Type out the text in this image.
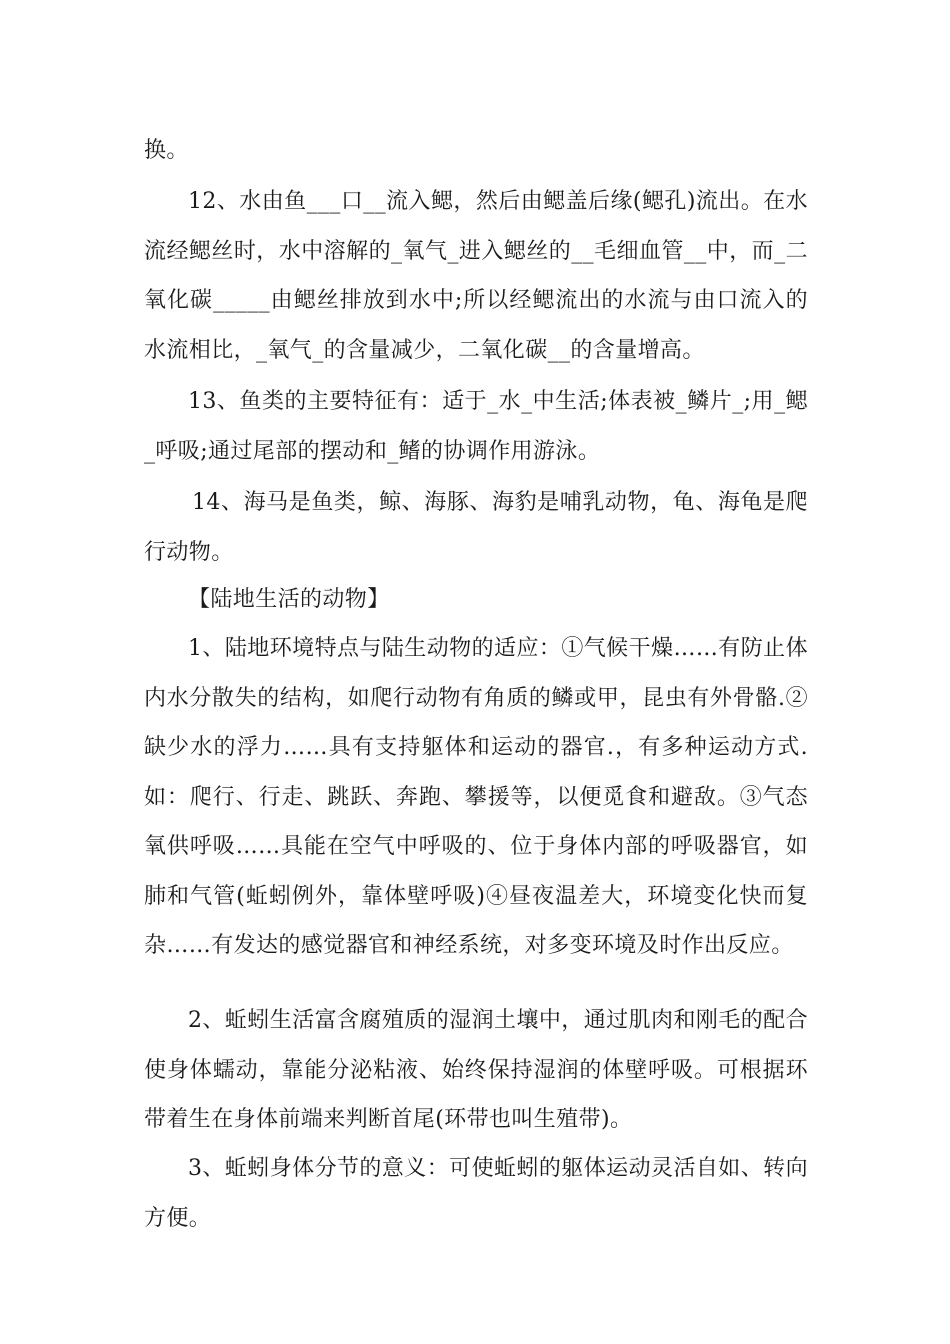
换。

12、水由鱼___口__流入鳃，然后由鳃盖后缘(鳃孔)流出。在水流经鳃丝时，水中溶解的_氧气_进入鳃丝的__毛细血管__中，而_二氧化碳_____由鳃丝排放到水中;所以经鳃流出的水流与由口流入的水流相比，_氧气_的含量减少，二氧化碳__的含量增高。

13、鱼类的主要特征有：适于_水_中生活;体表被_鳞片_;用_鳃_呼吸;通过尾部的摆动和_鳍的协调作用游泳。

14、海马是鱼类，鲸、海豚、海豹是哺乳动物，龟、海龟是爬行动物。

【陆地生活的动物】

1、陆地环境特点与陆生动物的适应：①气候干燥……有防止体内水分散失的结构，如爬行动物有角质的鳞或甲，昆虫有外骨骼.②缺少水的浮力……具有支持躯体和运动的器官.，有多种运动方式.如：爬行、行走、跳跃、奔跑、攀援等，以便觅食和避敌。③气态氧供呼吸……具能在空气中呼吸的、位于身体内部的呼吸器官，如肺和气管(蚯蚓例外，靠体壁呼吸)④昼夜温差大，环境变化快而复杂……有发达的感觉器官和神经系统，对多变环境及时作出反应。

2、蚯蚓生活富含腐殖质的湿润土壤中，通过肌肉和刚毛的配合使身体蠕动，靠能分泌粘液、始终保持湿润的体壁呼吸。可根据环带着生在身体前端来判断首尾(环带也叫生殖带)。

3、蚯蚓身体分节的意义：可使蚯蚓的躯体运动灵活自如、转向方便。
